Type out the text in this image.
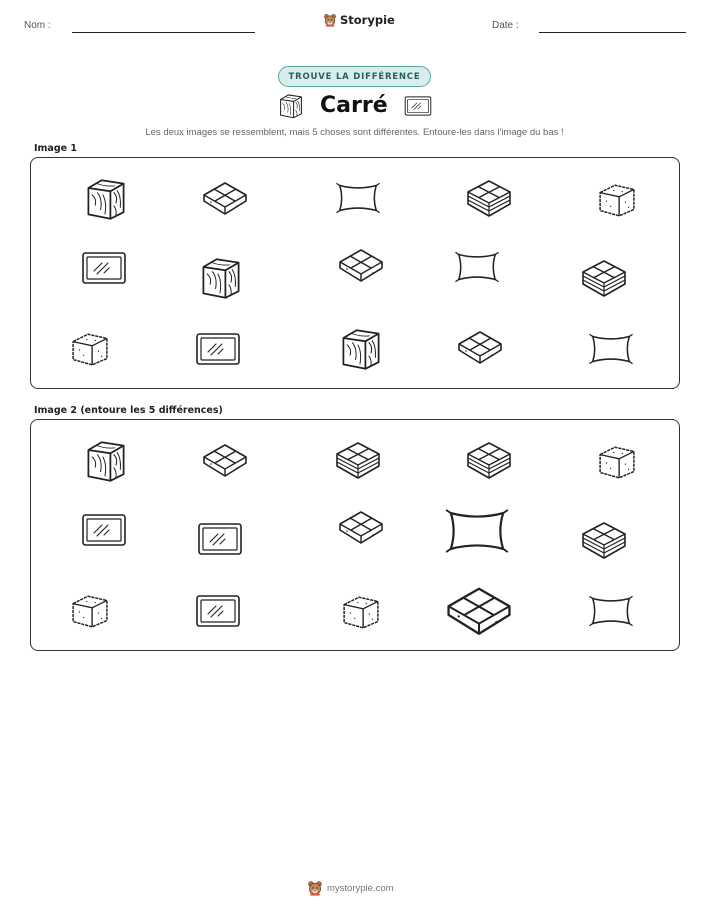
Nom :	Storypie	Date :
TROUVE LA DIFFÉRENCE
Carré
Les deux images se ressemblent, mais 5 choses sont différentes. Entoure-les dans l'image du bas !
Image 1
Image 2 (entoure les 5 différences)
mystorypie.com
